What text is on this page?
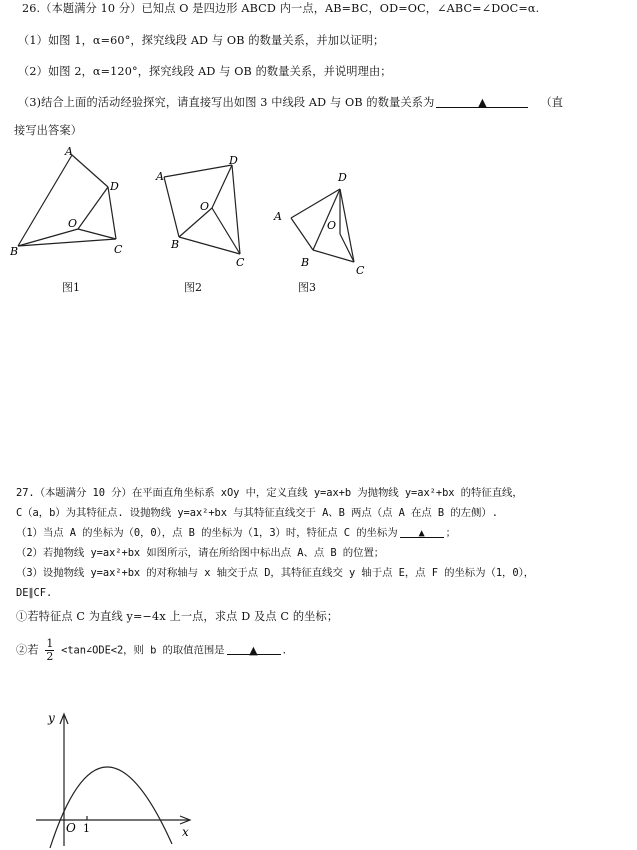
26.（本题满分 10 分）已知点 O 是四边形 ABCD 内一点，AB=BC，OD=OC，∠ABC=∠DOC=α.
（1）如图 1，α=60°，探究线段 AD 与 OB 的数量关系，并加以证明；
（2）如图 2，α=120°，探究线段 AD 与 OB 的数量关系，并说明理由；
（3)结合上面的活动经验探究，请直接写出如图 3 中线段 AD 与 OB 的数量关系为	▲	（直
接写出答案）
A
D
O
B	C
图1
A
D
O
B
C
图2
A
D
O
B
C
图3
27.（本题满分 10 分）在平面直角坐标系 xOy 中，定义直线 y=ax+b 为抛物线 y=ax²+bx 的特征直线，
C（a，b）为其特征点. 设抛物线 y=ax²+bx 与其特征直线交于 A、B 两点（点 A 在点 B 的左侧）.
（1）当点 A 的坐标为（0，0），点 B 的坐标为（1，3）时，特征点 C 的坐标为 ▲ ；
（2）若抛物线 y=ax²+bx 如图所示，请在所给图中标出点 A、点 B 的位置；
（3）设抛物线 y=ax²+bx 的对称轴与 x 轴交于点 D，其特征直线交 y 轴于点 E，点 F 的坐标为（1，0），
DE∥CF.
①若特征点 C 为直线 y=−4x 上一点，求点 D 及点 C 的坐标；
②若 $\frac{1}{2}$ <tan∠ODE<2，则 b 的取值范围是 ▲ .
y
x
O 1
